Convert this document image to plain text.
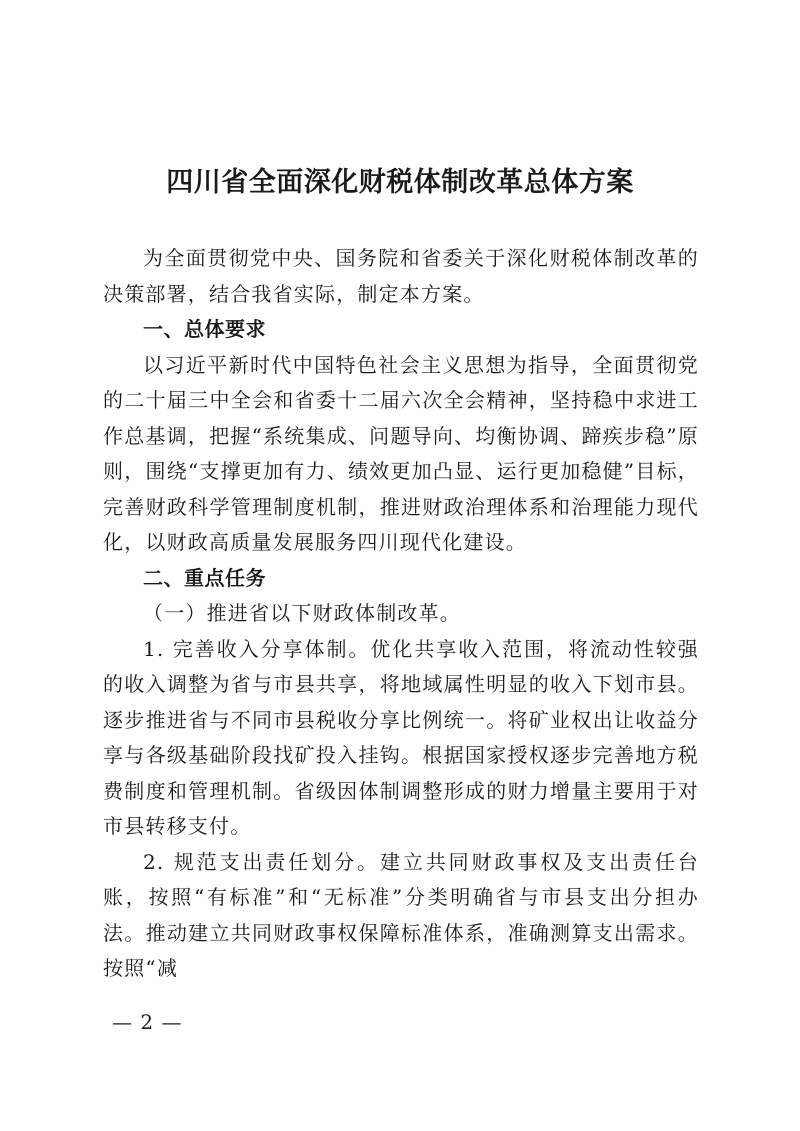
四川省全面深化财税体制改革总体方案

为全面贯彻党中央、国务院和省委关于深化财税体制改革的决策部署，结合我省实际，制定本方案。

一、总体要求

以习近平新时代中国特色社会主义思想为指导，全面贯彻党的二十届三中全会和省委十二届六次全会精神，坚持稳中求进工作总基调，把握“系统集成、问题导向、均衡协调、蹄疾步稳”原则，围绕“支撑更加有力、绩效更加凸显、运行更加稳健”目标，完善财政科学管理制度机制，推进财政治理体系和治理能力现代化，以财政高质量发展服务四川现代化建设。

二、重点任务

（一）推进省以下财政体制改革。

1. 完善收入分享体制。优化共享收入范围，将流动性较强的收入调整为省与市县共享，将地域属性明显的收入下划市县。逐步推进省与不同市县税收分享比例统一。将矿业权出让收益分享与各级基础阶段找矿投入挂钩。根据国家授权逐步完善地方税费制度和管理机制。省级因体制调整形成的财力增量主要用于对市县转移支付。

2. 规范支出责任划分。建立共同财政事权及支出责任台账，按照“有标准”和“无标准”分类明确省与市县支出分担办法。推动建立共同财政事权保障标准体系，准确测算支出需求。按照“减

— 2 —
